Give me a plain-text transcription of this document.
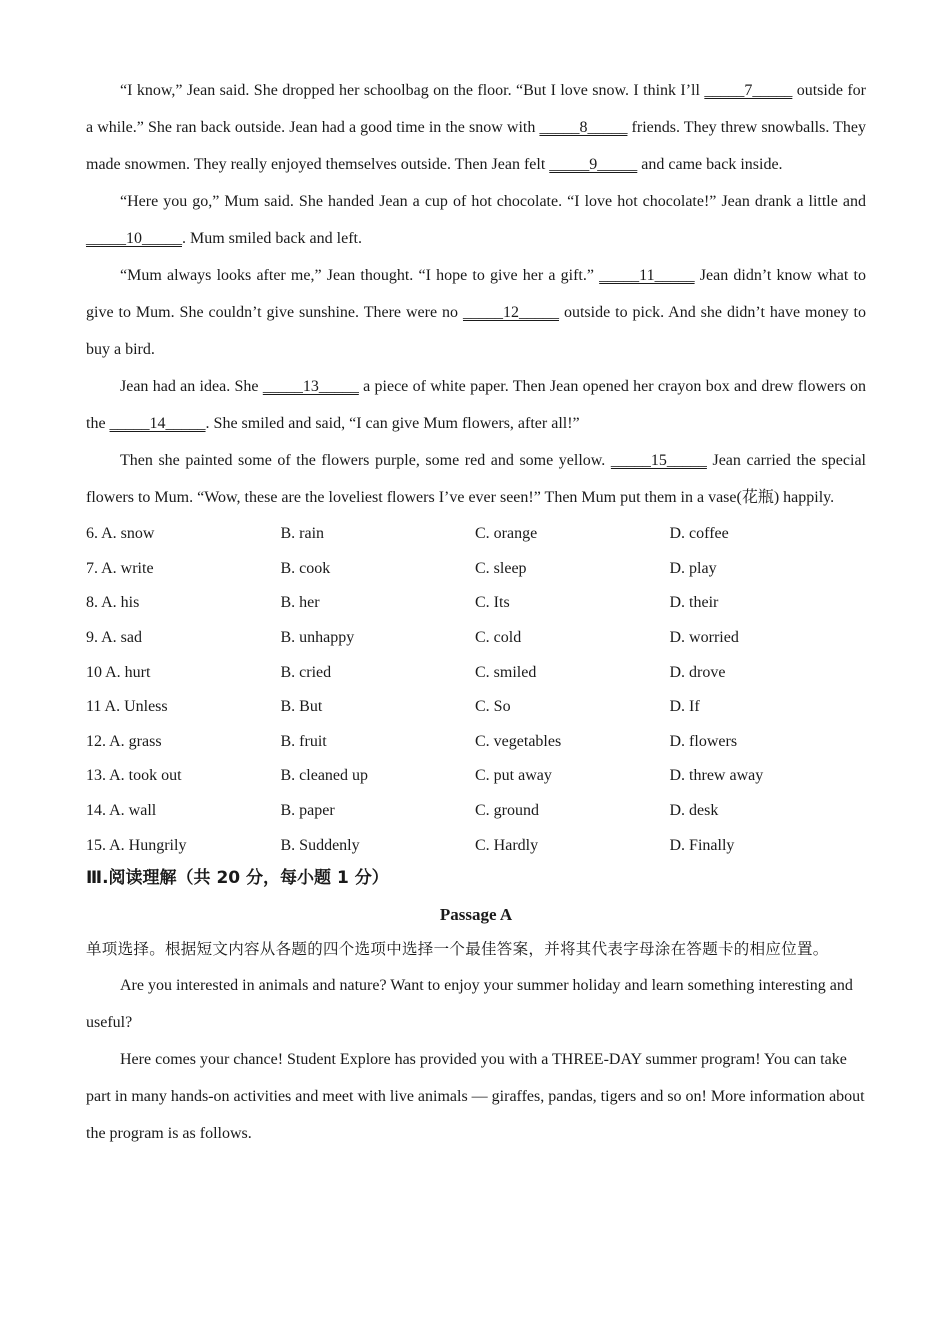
“I know,” Jean said. She dropped her schoolbag on the floor. “But I love snow. I think I’ll _____7_____ outside for a while.” She ran back outside. Jean had a good time in the snow with _____8_____ friends. They threw snowballs. They made snowmen. They really enjoyed themselves outside. Then Jean felt _____9_____ and came back inside.

“Here you go,” Mum said. She handed Jean a cup of hot chocolate. “I love hot chocolate!” Jean drank a little and _____10_____. Mum smiled back and left.

“Mum always looks after me,” Jean thought. “I hope to give her a gift.” _____11_____ Jean didn’t know what to give to Mum. She couldn’t give sunshine. There were no _____12_____ outside to pick. And she didn’t have money to buy a bird.

Jean had an idea. She _____13_____ a piece of white paper. Then Jean opened her crayon box and drew flowers on the _____14_____. She smiled and said, “I can give Mum flowers, after all!”

Then she painted some of the flowers purple, some red and some yellow. _____15_____ Jean carried the special flowers to Mum. “Wow, these are the loveliest flowers I’ve ever seen!” Then Mum put them in a vase(花瓶) happily.

6. A. snow	B. rain	C. orange	D. coffee
7. A. write	B. cook	C. sleep	D. play
8. A. his	B. her	C. Its	D. their
9. A. sad	B. unhappy	C. cold	D. worried
10 A. hurt	B. cried	C. smiled	D. drove
11 A. Unless	B. But	C. So	D. If
12. A. grass	B. fruit	C. vegetables	D. flowers
13. A. took out	B. cleaned up	C. put away	D. threw away
14. A. wall	B. paper	C. ground	D. desk
15. A. Hungrily	B. Suddenly	C. Hardly	D. Finally
Ⅲ.阅读理解（共 20 分，每小题 1 分）
Passage A
单项选择。根据短文内容从各题的四个选项中选择一个最佳答案，并将其代表字母涂在答题卡的相应位置。

Are you interested in animals and nature? Want to enjoy your summer holiday and learn something interesting and useful?

Here comes your chance! Student Explore has provided you with a THREE-DAY summer program! You can take part in many hands-on activities and meet with live animals — giraffes, pandas, tigers and so on! More information about the program is as follows.
